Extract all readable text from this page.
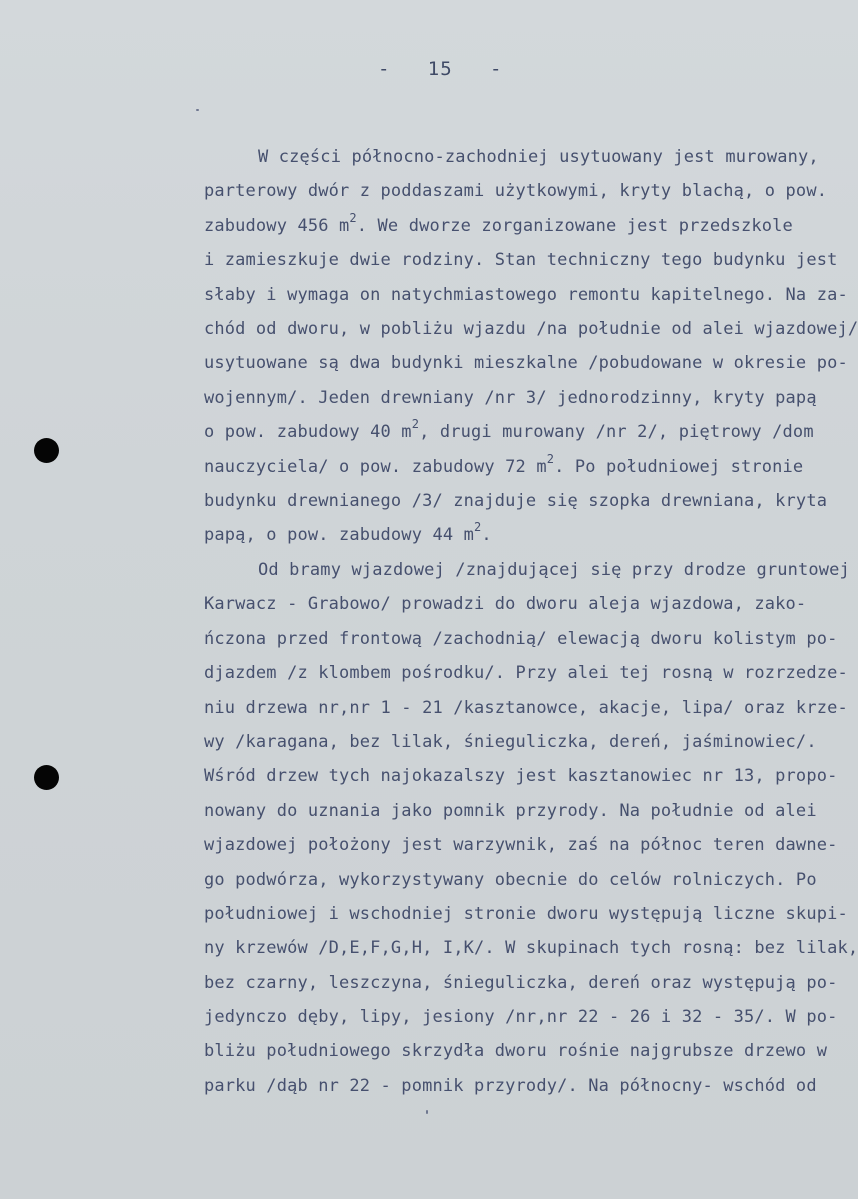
-   15   -
W części północno-zachodniej usytuowany jest murowany,
parterowy dwór z poddaszami użytkowymi, kryty blachą, o pow.
zabudowy 456 $m^2$. We dworze zorganizowane jest przedszkole
i zamieszkuje dwie rodziny. Stan techniczny tego budynku jest
słaby i wymaga on natychmiastowego remontu kapitelnego. Na za-
chód od dworu, w pobliżu wjazdu /na południe od alei wjazdowej/
usytuowane są dwa budynki mieszkalne /pobudowane w okresie po-
wojennym/. Jeden drewniany /nr 3/ jednorodzinny, kryty papą
o pow. zabudowy 40 $m^2$, drugi murowany /nr 2/, piętrowy /dom
nauczyciela/ o pow. zabudowy 72 $m^2$. Po południowej stronie
budynku drewnianego /3/ znajduje się szopka drewniana, kryta
papą, o pow. zabudowy 44 $m^2$.
Od bramy wjazdowej /znajdującej się przy drodze gruntowej
Karwacz - Grabowo/ prowadzi do dworu aleja wjazdowa, zako-
ńczona przed frontową /zachodnią/ elewacją dworu kolistym po-
djazdem /z klombem pośrodku/. Przy alei tej rosną w rozrzedze-
niu drzewa nr,nr 1 - 21 /kasztanowce, akacje, lipa/ oraz krze-
wy /karagana, bez lilak, śnieguliczka, dereń, jaśminowiec/.
Wśród drzew tych najokazalszy jest kasztanowiec nr 13, propo-
nowany do uznania jako pomnik przyrody. Na południe od alei
wjazdowej położony jest warzywnik, zaś na północ teren dawne-
go podwórza, wykorzystywany obecnie do celów rolniczych. Po
południowej i wschodniej stronie dworu występują liczne skupi-
ny krzewów /D,E,F,G,H, I,K/. W skupinach tych rosną: bez lilak,
bez czarny, leszczyna, śnieguliczka, dereń oraz występują po-
jedynczo dęby, lipy, jesiony /nr,nr 22 - 26 i 32 - 35/. W po-
bliżu południowego skrzydła dworu rośnie najgrubsze drzewo w
parku /dąb nr 22 - pomnik przyrody/. Na północny- wschód od
